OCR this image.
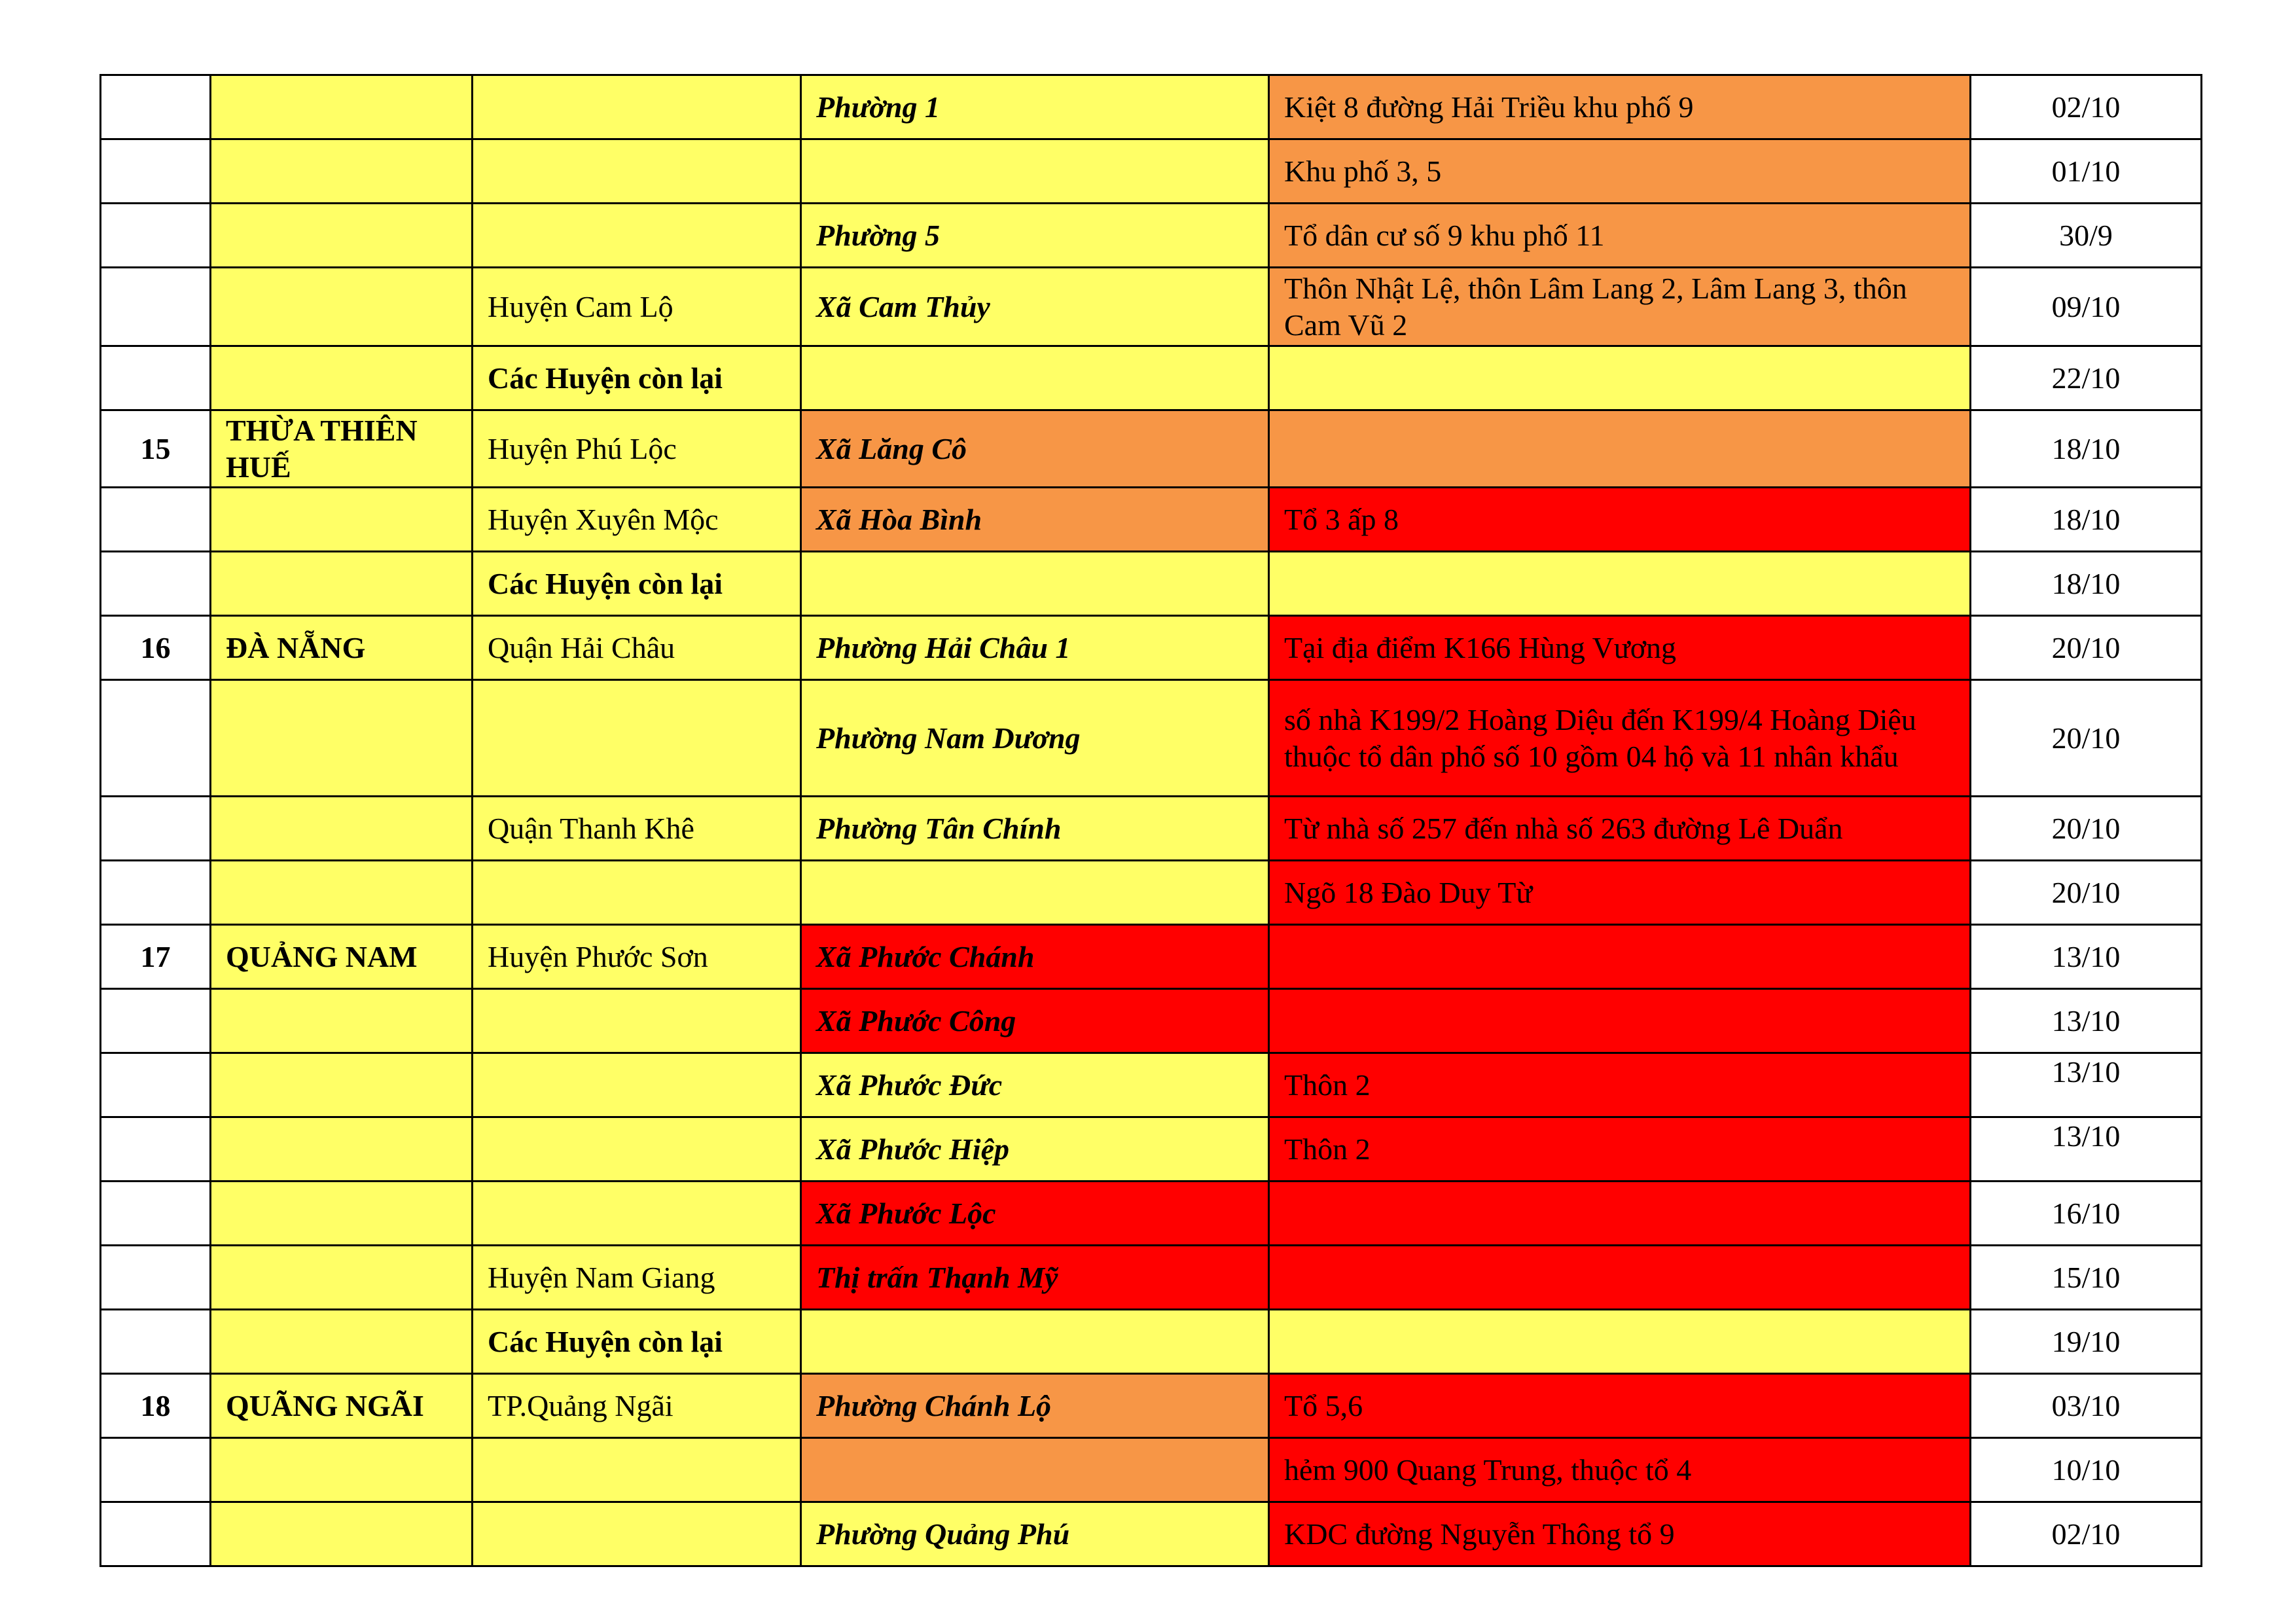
			Phường 1	Kiệt 8 đường Hải Triều khu phố 9	02/10
				Khu phố 3, 5	01/10
			Phường 5	Tổ dân cư số 9 khu phố 11	30/9
		Huyện Cam Lộ	Xã Cam Thủy	Thôn Nhật Lệ, thôn Lâm Lang 2, Lâm Lang 3, thôn Cam Vũ 2	09/10
		Các Huyện còn lại			22/10
15	THỪA THIÊN HUẾ	Huyện Phú Lộc	Xã Lăng Cô		18/10
		Huyện Xuyên Mộc	Xã Hòa Bình	Tổ 3 ấp 8	18/10
		Các Huyện còn lại			18/10
16	ĐÀ NẴNG	Quận Hải Châu	Phường Hải Châu 1	Tại địa điểm K166 Hùng Vương	20/10
			Phường Nam Dương	số nhà K199/2 Hoàng Diệu đến K199/4 Hoàng Diệu thuộc tổ dân phố số 10 gồm 04 hộ và 11 nhân khẩu	20/10
		Quận Thanh Khê	Phường Tân Chính	Từ nhà số 257 đến nhà số 263 đường Lê Duẩn	20/10
				Ngõ 18 Đào Duy Từ	20/10
17	QUẢNG NAM	Huyện Phước Sơn	Xã Phước Chánh		13/10
			Xã Phước Công		13/10
			Xã Phước Đức	Thôn 2	13/10
			Xã Phước Hiệp	Thôn 2	13/10
			Xã Phước Lộc		16/10
		Huyện Nam Giang	Thị trấn Thạnh Mỹ		15/10
		Các Huyện còn lại			19/10
18	QUÃNG NGÃI	TP.Quảng Ngãi	Phường Chánh Lộ	Tổ 5,6	03/10
				hẻm 900 Quang Trung, thuộc tổ 4	10/10
			Phường Quảng Phú	KDC đường Nguyễn Thông tổ 9	02/10
